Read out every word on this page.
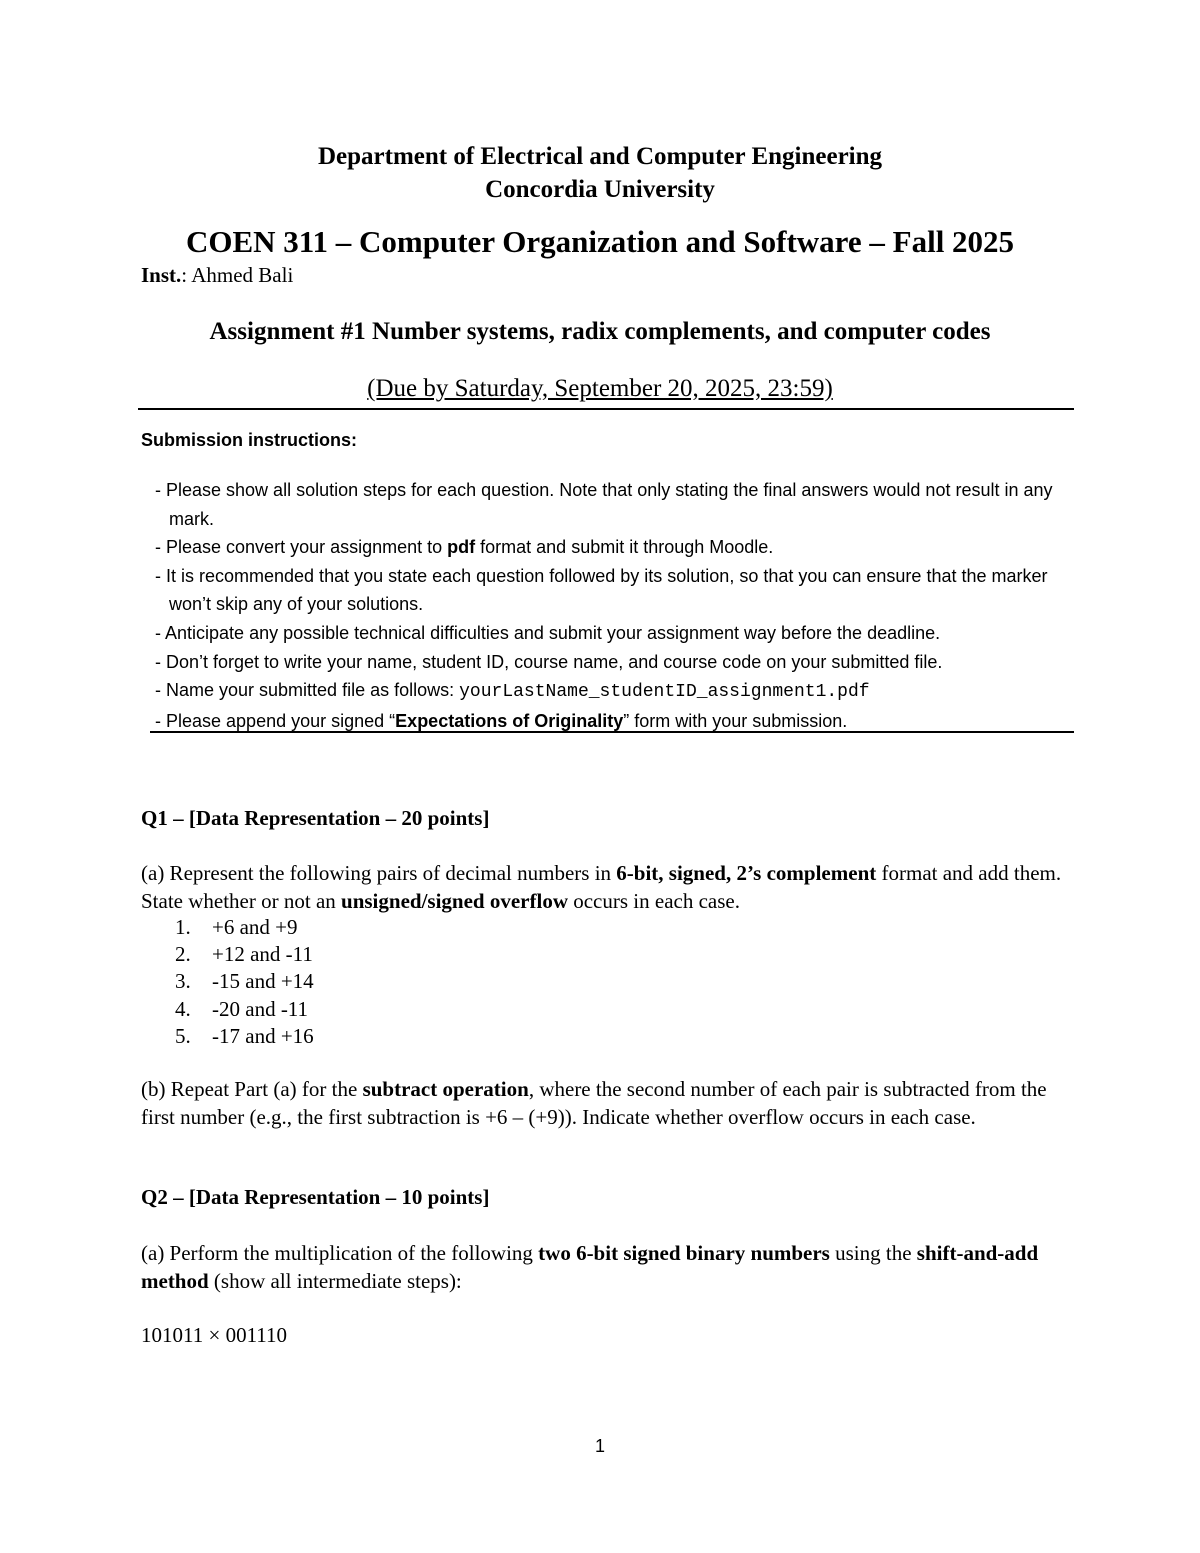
Department of Electrical and Computer Engineering
Concordia University
COEN 311 – Computer Organization and Software – Fall 2025
Inst.: Ahmed Bali
Assignment #1 Number systems, radix complements, and computer codes
(Due by Saturday, September 20, 2025, 23:59)
Submission instructions:
- Please show all solution steps for each question. Note that only stating the final answers would not result in any mark.
- Please convert your assignment to pdf format and submit it through Moodle.
- It is recommended that you state each question followed by its solution, so that you can ensure that the marker won’t skip any of your solutions.
- Anticipate any possible technical difficulties and submit your assignment way before the deadline.
- Don’t forget to write your name, student ID, course name, and course code on your submitted file.
- Name your submitted file as follows: yourLastName_studentID_assignment1.pdf
- Please append your signed “Expectations of Originality” form with your submission.
Q1 – [Data Representation – 20 points]
(a) Represent the following pairs of decimal numbers in 6-bit, signed, 2’s complement format and add them. State whether or not an unsigned/signed overflow occurs in each case.
1. +6 and +9
2. +12 and -11
3. -15 and +14
4. -20 and -11
5. -17 and +16
(b) Repeat Part (a) for the subtract operation, where the second number of each pair is subtracted from the first number (e.g., the first subtraction is +6 – (+9)). Indicate whether overflow occurs in each case.
Q2 – [Data Representation – 10 points]
(a) Perform the multiplication of the following two 6-bit signed binary numbers using the shift-and-add method (show all intermediate steps):
101011 × 001110
1
